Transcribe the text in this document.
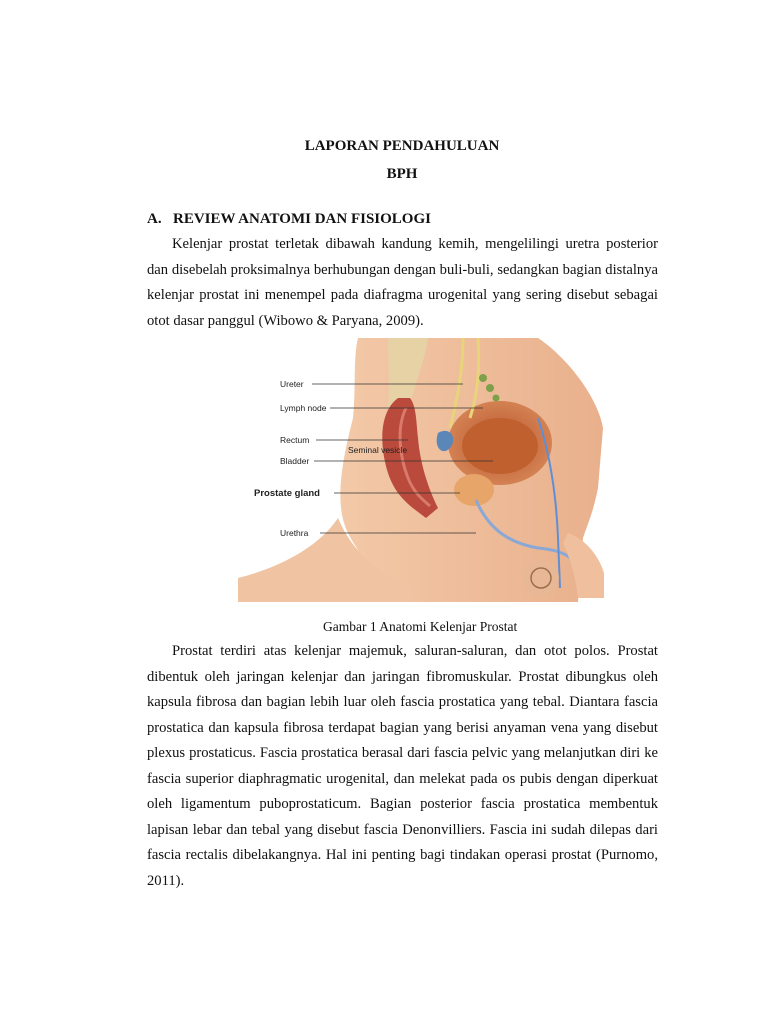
LAPORAN PENDAHULUAN
BPH
A. REVIEW ANATOMI DAN FISIOLOGI

Kelenjar prostat terletak dibawah kandung kemih, mengelilingi uretra posterior dan disebelah proksimalnya berhubungan dengan buli-buli, sedangkan bagian distalnya kelenjar prostat ini menempel pada diafragma urogenital yang sering disebut sebagai otot dasar panggul (Wibowo & Paryana, 2009).

Ureter
Lymph node
Rectum
Bladder
Seminal vesicle
Prostate gland
Urethra
Gambar 1 Anatomi Kelenjar Prostat

Prostat terdiri atas kelenjar majemuk, saluran-saluran, dan otot polos. Prostat dibentuk oleh jaringan kelenjar dan jaringan fibromuskular. Prostat dibungkus oleh kapsula fibrosa dan bagian lebih luar oleh fascia prostatica yang tebal. Diantara fascia prostatica dan kapsula fibrosa terdapat bagian yang berisi anyaman vena yang disebut plexus prostaticus. Fascia prostatica berasal dari fascia pelvic yang melanjutkan diri ke fascia superior diaphragmatic urogenital, dan melekat pada os pubis dengan diperkuat oleh ligamentum puboprostaticum. Bagian posterior fascia prostatica membentuk lapisan lebar dan tebal yang disebut fascia Denonvilliers. Fascia ini sudah dilepas dari fascia rectalis dibelakangnya. Hal ini penting bagi tindakan operasi prostat (Purnomo, 2011).
